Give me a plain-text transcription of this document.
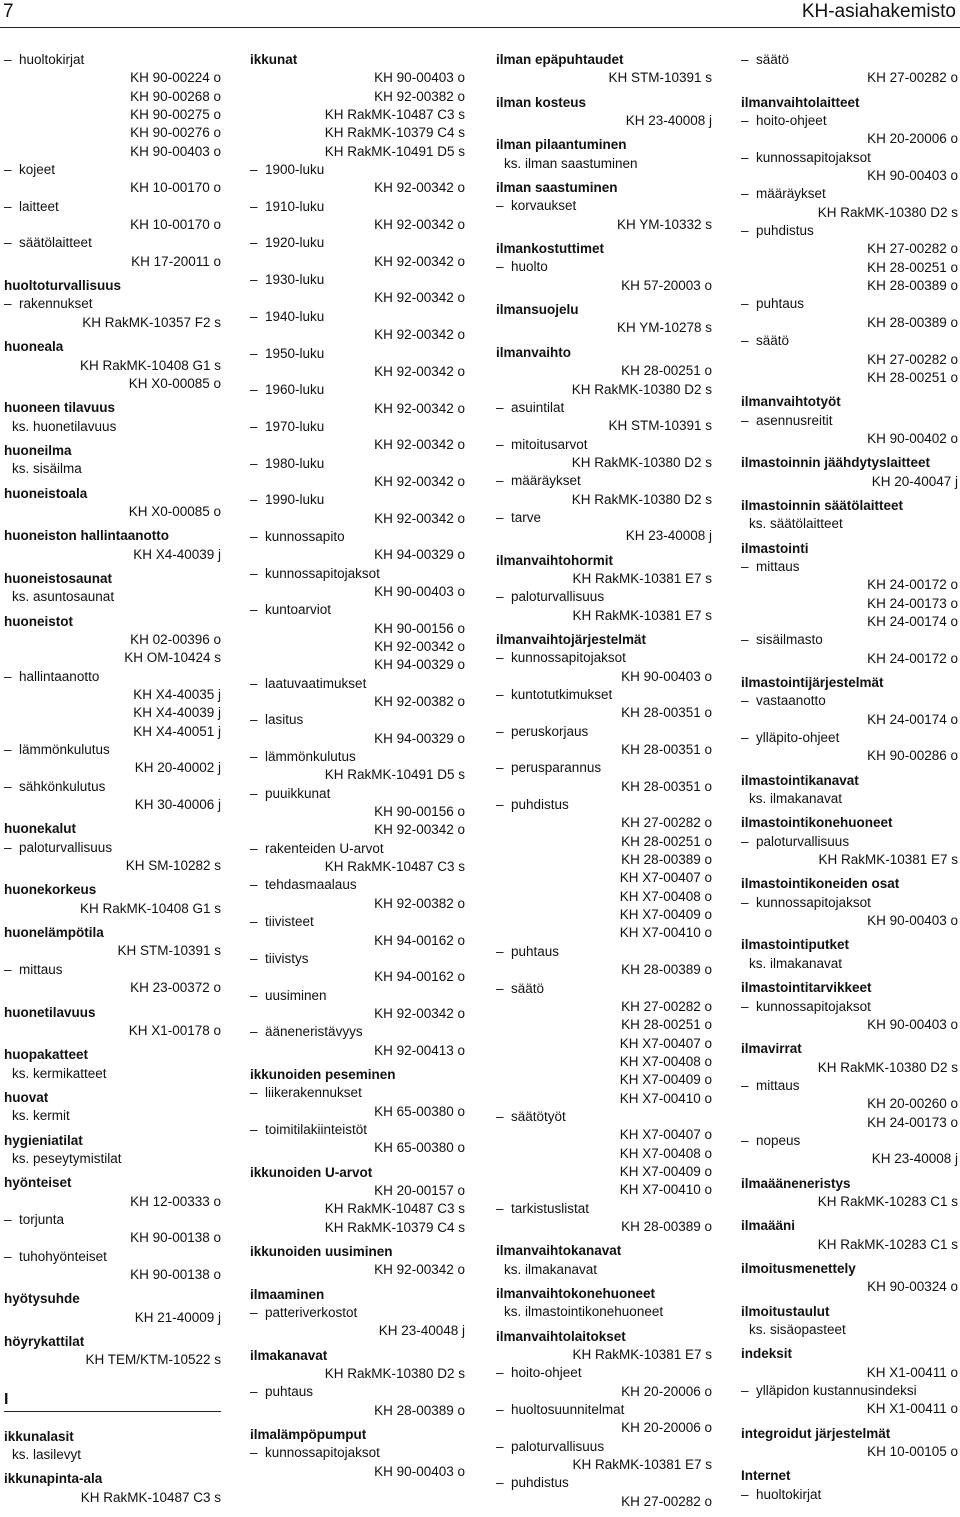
7	KH-asiahakemisto
–  huoltokirjat
KH 90-00224 o
KH 90-00268 o
KH 90-00275 o
KH 90-00276 o
KH 90-00403 o
–  kojeet
KH 10-00170 o
–  laitteet
KH 10-00170 o
–  säätölaitteet
KH 17-20011 o
huoltoturvallisuus
–  rakennukset
KH RakMK-10357 F2 s
huoneala
KH RakMK-10408 G1 s
KH X0-00085 o
huoneen tilavuus
ks. huonetilavuus
huoneilma
ks. sisäilma
huoneistoala
KH X0-00085 o
huoneiston hallintaanotto
KH X4-40039 j
huoneistosaunat
ks. asuntosaunat
huoneistot
KH 02-00396 o
KH OM-10424 s
–  hallintaanotto
KH X4-40035 j
KH X4-40039 j
KH X4-40051 j
–  lämmönkulutus
KH 20-40002 j
–  sähkönkulutus
KH 30-40006 j
huonekalut
–  paloturvallisuus
KH SM-10282 s
huonekorkeus
KH RakMK-10408 G1 s
huonelämpötila
KH STM-10391 s
–  mittaus
KH 23-00372 o
huonetilavuus
KH X1-00178 o
huopakatteet
ks. kermikatteet
huovat
ks. kermit
hygieniatilat
ks. peseytymistilat
hyönteiset
KH 12-00333 o
–  torjunta
KH 90-00138 o
–  tuhohyönteiset
KH 90-00138 o
hyötysuhde
KH 21-40009 j
höyrykattilat
KH TEM/KTM-10522 s
I
ikkunalasit
ks. lasilevyt
ikkunapinta-ala
KH RakMK-10487 C3 s
ikkunat
KH 90-00403 o
KH 92-00382 o
KH RakMK-10487 C3 s
KH RakMK-10379 C4 s
KH RakMK-10491 D5 s
–  1900-luku
KH 92-00342 o
–  1910-luku
KH 92-00342 o
–  1920-luku
KH 92-00342 o
–  1930-luku
KH 92-00342 o
–  1940-luku
KH 92-00342 o
–  1950-luku
KH 92-00342 o
–  1960-luku
KH 92-00342 o
–  1970-luku
KH 92-00342 o
–  1980-luku
KH 92-00342 o
–  1990-luku
KH 92-00342 o
–  kunnossapito
KH 94-00329 o
–  kunnossapitojaksot
KH 90-00403 o
–  kuntoarviot
KH 90-00156 o
KH 92-00342 o
KH 94-00329 o
–  laatuvaatimukset
KH 92-00382 o
–  lasitus
KH 94-00329 o
–  lämmönkulutus
KH RakMK-10491 D5 s
–  puuikkunat
KH 90-00156 o
KH 92-00342 o
–  rakenteiden U-arvot
KH RakMK-10487 C3 s
–  tehdasmaalaus
KH 92-00382 o
–  tiivisteet
KH 94-00162 o
–  tiivistys
KH 94-00162 o
–  uusiminen
KH 92-00342 o
–  ääneneristävyys
KH 92-00413 o
ikkunoiden peseminen
–  liikerakennukset
KH 65-00380 o
–  toimitilakiinteistöt
KH 65-00380 o
ikkunoiden U-arvot
KH 20-00157 o
KH RakMK-10487 C3 s
KH RakMK-10379 C4 s
ikkunoiden uusiminen
KH 92-00342 o
ilmaaminen
–  patteriverkostot
KH 23-40048 j
ilmakanavat
KH RakMK-10380 D2 s
–  puhtaus
KH 28-00389 o
ilmalämpöpumput
–  kunnossapitojaksot
KH 90-00403 o
ilman epäpuhtaudet
KH STM-10391 s
ilman kosteus
KH 23-40008 j
ilman pilaantuminen
ks. ilman saastuminen
ilman saastuminen
–  korvaukset
KH YM-10332 s
ilmankostuttimet
–  huolto
KH 57-20003 o
ilmansuojelu
KH YM-10278 s
ilmanvaihto
KH 28-00251 o
KH RakMK-10380 D2 s
–  asuintilat
KH STM-10391 s
–  mitoitusarvot
KH RakMK-10380 D2 s
–  määräykset
KH RakMK-10380 D2 s
–  tarve
KH 23-40008 j
ilmanvaihtohormit
KH RakMK-10381 E7 s
–  paloturvallisuus
KH RakMK-10381 E7 s
ilmanvaihtojärjestelmät
–  kunnossapitojaksot
KH 90-00403 o
–  kuntotutkimukset
KH 28-00351 o
–  peruskorjaus
KH 28-00351 o
–  perusparannus
KH 28-00351 o
–  puhdistus
KH 27-00282 o
KH 28-00251 o
KH 28-00389 o
KH X7-00407 o
KH X7-00408 o
KH X7-00409 o
KH X7-00410 o
–  puhtaus
KH 28-00389 o
–  säätö
KH 27-00282 o
KH 28-00251 o
KH X7-00407 o
KH X7-00408 o
KH X7-00409 o
KH X7-00410 o
–  säätötyöt
KH X7-00407 o
KH X7-00408 o
KH X7-00409 o
KH X7-00410 o
–  tarkistuslistat
KH 28-00389 o
ilmanvaihtokanavat
ks. ilmakanavat
ilmanvaihtokonehuoneet
ks. ilmastointikonehuoneet
ilmanvaihtolaitokset
KH RakMK-10381 E7 s
–  hoito-ohjeet
KH 20-20006 o
–  huoltosuunnitelmat
KH 20-20006 o
–  paloturvallisuus
KH RakMK-10381 E7 s
–  puhdistus
KH 27-00282 o
–  säätö
KH 27-00282 o
ilmanvaihtolaitteet
–  hoito-ohjeet
KH 20-20006 o
–  kunnossapitojaksot
KH 90-00403 o
–  määräykset
KH RakMK-10380 D2 s
–  puhdistus
KH 27-00282 o
KH 28-00251 o
KH 28-00389 o
–  puhtaus
KH 28-00389 o
–  säätö
KH 27-00282 o
KH 28-00251 o
ilmanvaihtotyöt
–  asennusreitit
KH 90-00402 o
ilmastoinnin jäähdytyslaitteet
KH 20-40047 j
ilmastoinnin säätölaitteet
ks. säätölaitteet
ilmastointi
–  mittaus
KH 24-00172 o
KH 24-00173 o
KH 24-00174 o
–  sisäilmasto
KH 24-00172 o
ilmastointijärjestelmät
–  vastaanotto
KH 24-00174 o
–  ylläpito-ohjeet
KH 90-00286 o
ilmastointikanavat
ks. ilmakanavat
ilmastointikonehuoneet
–  paloturvallisuus
KH RakMK-10381 E7 s
ilmastointikoneiden osat
–  kunnossapitojaksot
KH 90-00403 o
ilmastointiputket
ks. ilmakanavat
ilmastointitarvikkeet
–  kunnossapitojaksot
KH 90-00403 o
ilmavirrat
KH RakMK-10380 D2 s
–  mittaus
KH 20-00260 o
KH 24-00173 o
–  nopeus
KH 23-40008 j
ilmaääneneristys
KH RakMK-10283 C1 s
ilmaääni
KH RakMK-10283 C1 s
ilmoitusmenettely
KH 90-00324 o
ilmoitustaulut
ks. sisäopasteet
indeksit
KH X1-00411 o
–  ylläpidon kustannusindeksi
KH X1-00411 o
integroidut järjestelmät
KH 10-00105 o
Internet
–  huoltokirjat
